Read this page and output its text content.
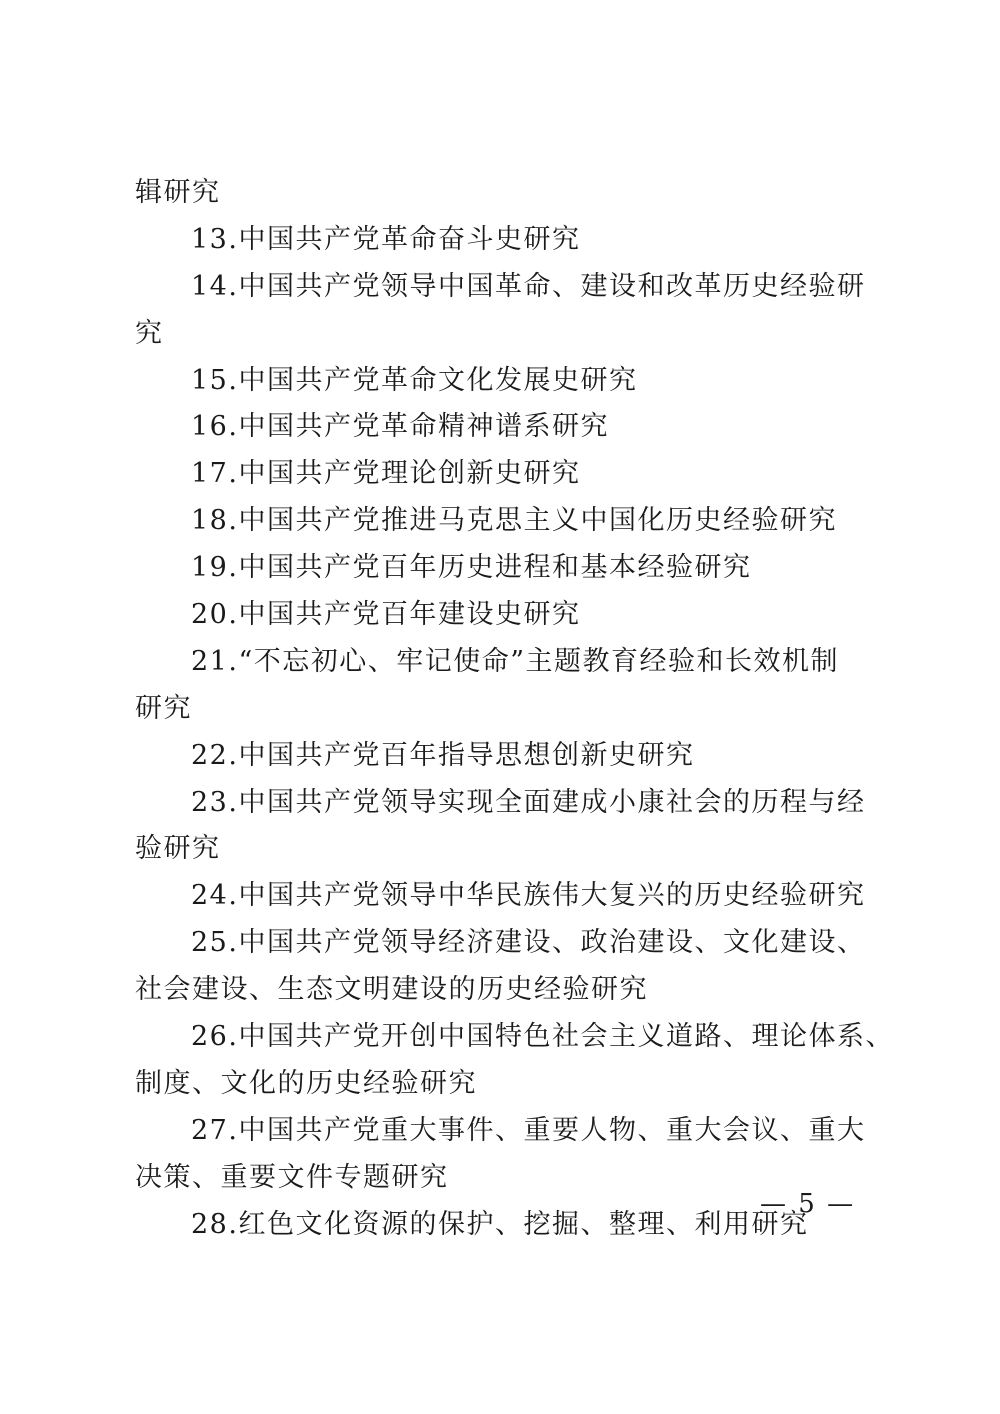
辑研究
13.中国共产党革命奋斗史研究
14.中国共产党领导中国革命、建设和改革历史经验研
究
15.中国共产党革命文化发展史研究
16.中国共产党革命精神谱系研究
17.中国共产党理论创新史研究
18.中国共产党推进马克思主义中国化历史经验研究
19.中国共产党百年历史进程和基本经验研究
20.中国共产党百年建设史研究
21.“不忘初心、牢记使命”主题教育经验和长效机制
研究
22.中国共产党百年指导思想创新史研究
23.中国共产党领导实现全面建成小康社会的历程与经
验研究
24.中国共产党领导中华民族伟大复兴的历史经验研究
25.中国共产党领导经济建设、政治建设、文化建设、
社会建设、生态文明建设的历史经验研究
26.中国共产党开创中国特色社会主义道路、理论体系、
制度、文化的历史经验研究
27.中国共产党重大事件、重要人物、重大会议、重大
决策、重要文件专题研究
28.红色文化资源的保护、挖掘、整理、利用研究
— 5 —
